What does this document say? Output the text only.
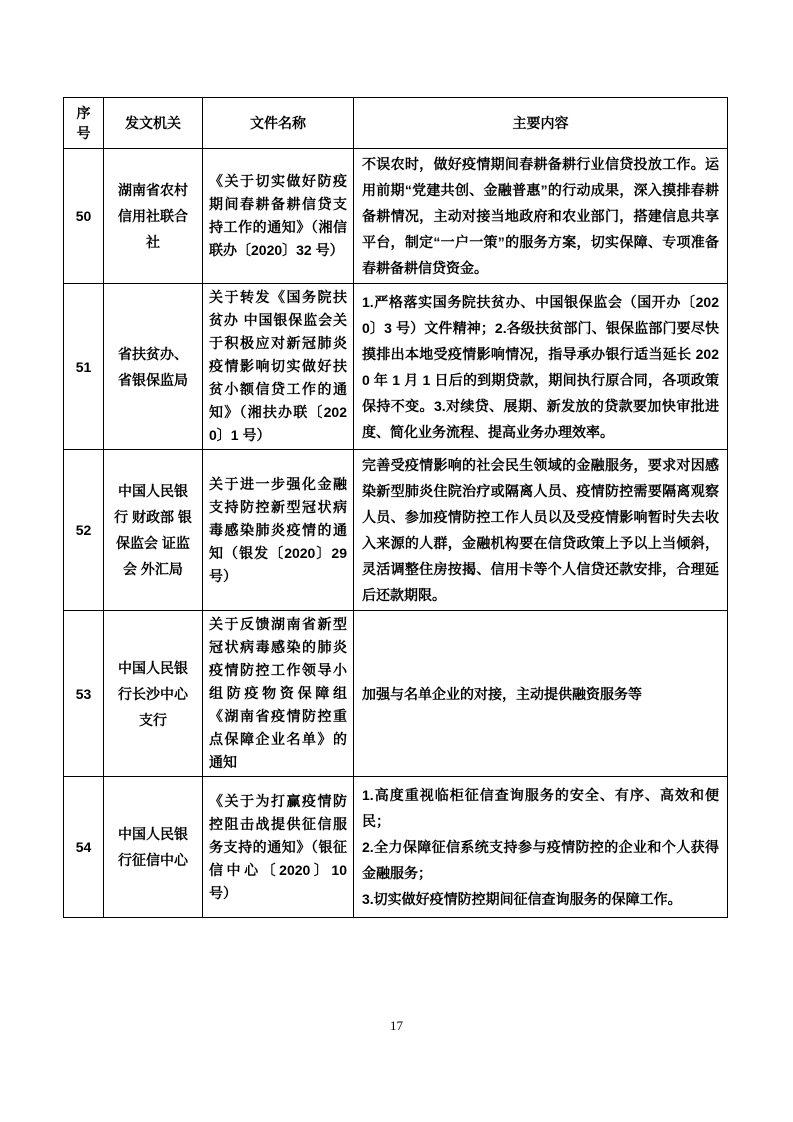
序号	发文机关	文件名称	主要内容
50	湖南省农村信用社联合社	《关于切实做好防疫期间春耕备耕信贷支持工作的通知》（湘信联办〔2020〕32 号）	不误农时，做好疫情期间春耕备耕行业信贷投放工作。运用前期“党建共创、金融普惠”的行动成果，深入摸排春耕备耕情况，主动对接当地政府和农业部门，搭建信息共享平台，制定“一户一策”的服务方案，切实保障、专项准备春耕备耕信贷资金。
51	省扶贫办、省银保监局	关于转发《国务院扶贫办 中国银保监会关于积极应对新冠肺炎疫情影响切实做好扶贫小额信贷工作的通知》（湘扶办联〔2020〕1 号）	1.严格落实国务院扶贫办、中国银保监会（国开办〔2020〕3 号）文件精神；2.各级扶贫部门、银保监部门要尽快摸排出本地受疫情影响情况，指导承办银行适当延长 2020 年 1 月 1 日后的到期贷款，期间执行原合同，各项政策保持不变。3.对续贷、展期、新发放的贷款要加快审批进度、简化业务流程、提高业务办理效率。
52	中国人民银行 财政部 银保监会 证监会 外汇局	关于进一步强化金融支持防控新型冠状病毒感染肺炎疫情的通知（银发〔2020〕29 号）	完善受疫情影响的社会民生领域的金融服务，要求对因感染新型肺炎住院治疗或隔离人员、疫情防控需要隔离观察人员、参加疫情防控工作人员以及受疫情影响暂时失去收入来源的人群，金融机构要在信贷政策上予以上当倾斜，灵活调整住房按揭、信用卡等个人信贷还款安排，合理延后还款期限。
53	中国人民银行长沙中心支行	关于反馈湖南省新型冠状病毒感染的肺炎疫情防控工作领导小组防疫物资保障组《湖南省疫情防控重点保障企业名单》的通知	加强与名单企业的对接，主动提供融资服务等
54	中国人民银行征信中心	《关于为打赢疫情防控阻击战提供征信服务支持的通知》（银征信中心〔2020〕10 号）	1.高度重视临柜征信查询服务的安全、有序、高效和便民；
2.全力保障征信系统支持参与疫情防控的企业和个人获得金融服务；
3.切实做好疫情防控期间征信查询服务的保障工作。
17
